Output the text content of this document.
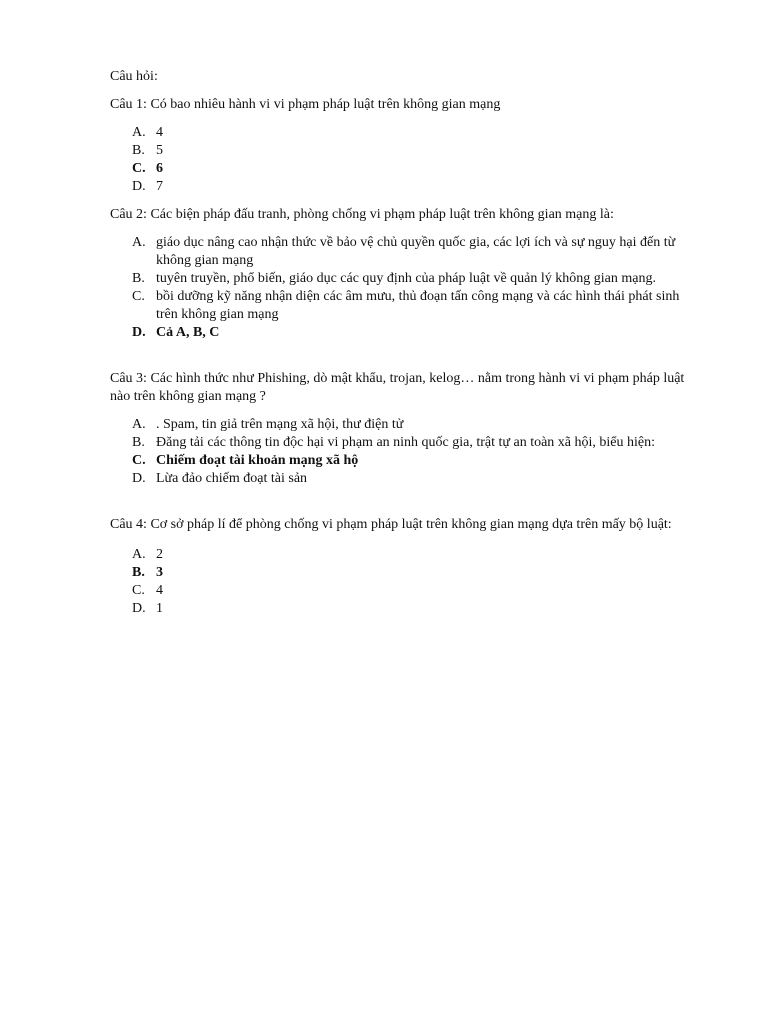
Câu hỏi:

Câu 1: Có bao nhiêu hành vi vi phạm pháp luật trên không gian mạng

A. 4
B. 5
C. 6
D. 7

Câu 2: Các biện pháp đấu tranh, phòng chống vi phạm pháp luật trên không gian mạng là:

A. giáo dục nâng cao nhận thức về bảo vệ chủ quyền quốc gia, các lợi ích và sự nguy hại đến từ không gian mạng
B. tuyên truyền, phổ biến, giáo dục các quy định của pháp luật về quản lý không gian mạng.
C. bồi dưỡng kỹ năng nhận diện các âm mưu, thủ đoạn tấn công mạng và các hình thái phát sinh trên không gian mạng
D. Cả A, B, C

Câu 3: Các hình thức như Phishing, dò mật khẩu, trojan, kelog… nằm trong hành vi vi phạm pháp luật nào trên không gian mạng ?

A. . Spam, tin giả trên mạng xã hội, thư điện tử
B. Đăng tải các thông tin độc hại vi phạm an ninh quốc gia, trật tự an toàn xã hội, biểu hiện:
C. Chiếm đoạt tài khoản mạng xã hộ
D. Lừa đảo chiếm đoạt tài sản

Câu 4: Cơ sở pháp lí để phòng chống vi phạm pháp luật trên không gian mạng dựa trên mấy bộ luật:

A. 2
B. 3
C. 4
D. 1
